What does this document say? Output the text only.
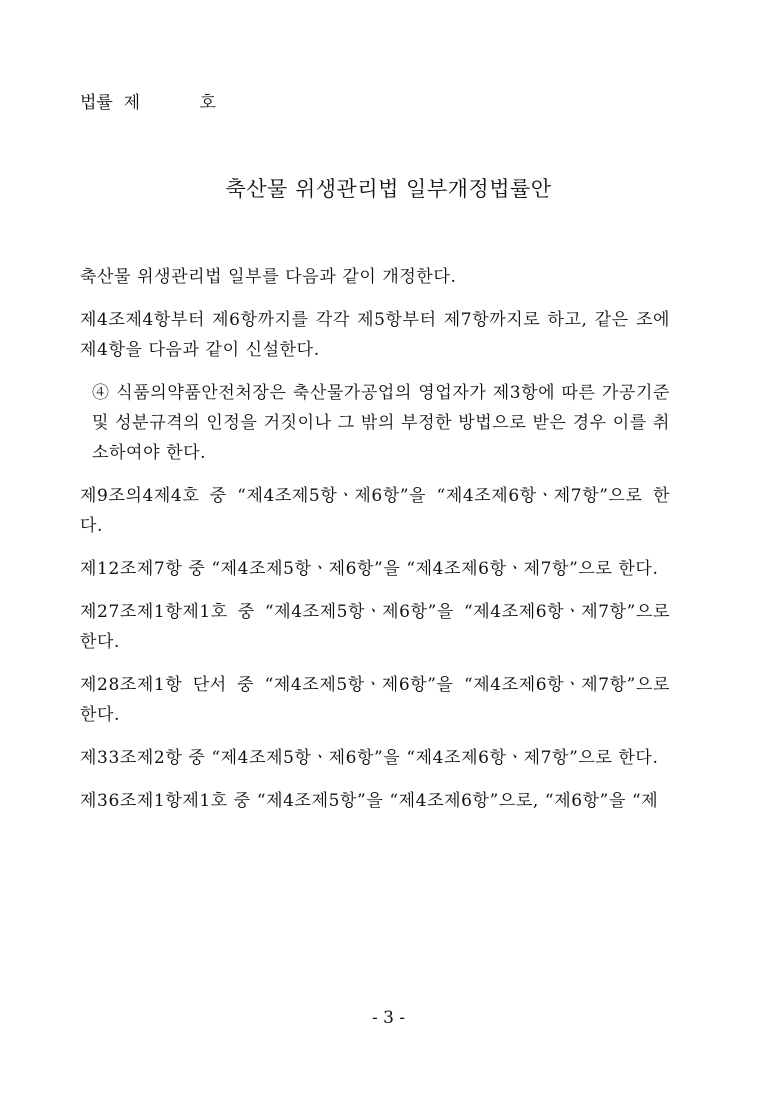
법률  제           호
축산물 위생관리법 일부개정법률안

축산물 위생관리법 일부를 다음과 같이 개정한다.

제4조제4항부터 제6항까지를 각각 제5항부터 제7항까지로 하고, 같은 조에 제4항을 다음과 같이 신설한다.

④ 식품의약품안전처장은 축산물가공업의 영업자가 제3항에 따른 가공기준 및 성분규격의 인정을 거짓이나 그 밖의 부정한 방법으로 받은 경우 이를 취소하여야 한다.

제9조의4제4호 중 “제4조제5항ㆍ제6항”을 “제4조제6항ㆍ제7항”으로 한다.

제12조제7항 중 “제4조제5항ㆍ제6항”을 “제4조제6항ㆍ제7항”으로 한다.

제27조제1항제1호 중 “제4조제5항ㆍ제6항”을 “제4조제6항ㆍ제7항”으로 한다.

제28조제1항 단서 중 “제4조제5항ㆍ제6항”을 “제4조제6항ㆍ제7항”으로 한다.

제33조제2항 중 “제4조제5항ㆍ제6항”을 “제4조제6항ㆍ제7항”으로 한다.

제36조제1항제1호 중 “제4조제5항”을 “제4조제6항”으로, “제6항”을 “제

- 3 -
